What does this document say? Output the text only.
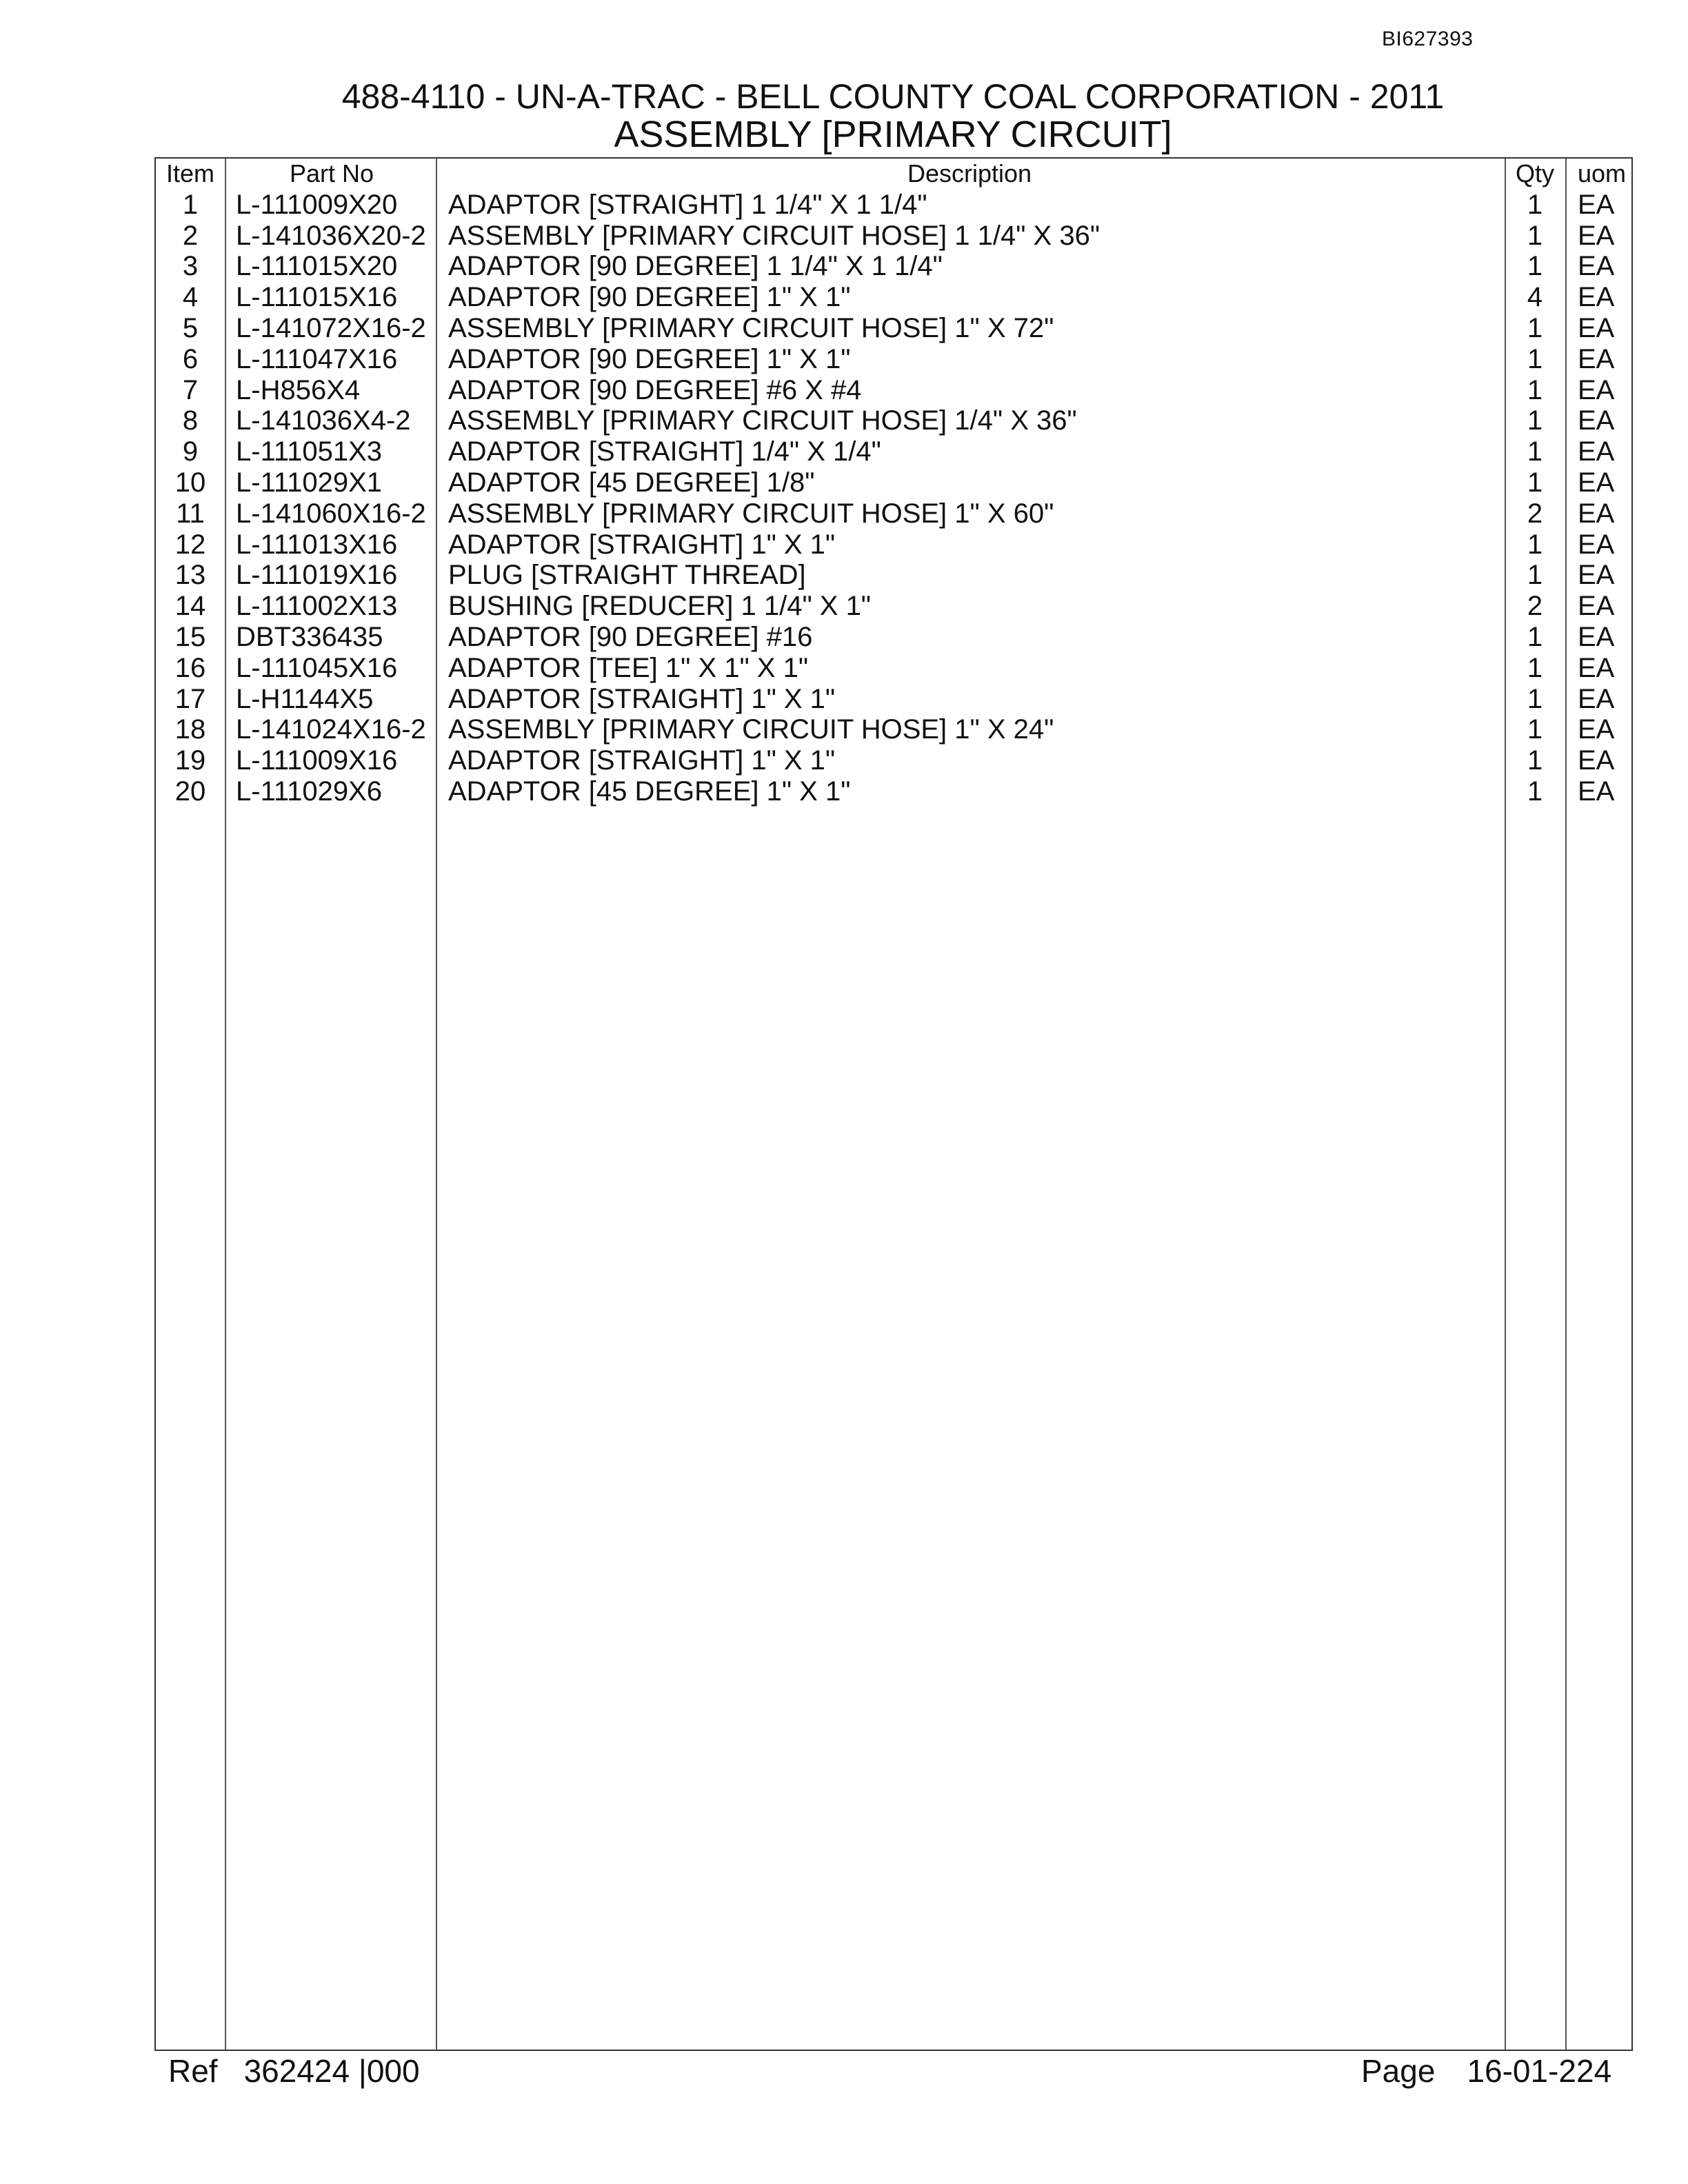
BI627393
488-4110 - UN-A-TRAC - BELL COUNTY COAL CORPORATION - 2011
ASSEMBLY [PRIMARY CIRCUIT]
Item
1
2
3
4
5
6
7
8
9
10
11
12
13
14
15
16
17
18
19
20
Part No
L-111009X20
L-141036X20-2
L-111015X20
L-111015X16
L-141072X16-2
L-111047X16
L-H856X4
L-141036X4-2
L-111051X3
L-111029X1
L-141060X16-2
L-111013X16
L-111019X16
L-111002X13
DBT336435
L-111045X16
L-H1144X5
L-141024X16-2
L-111009X16
L-111029X6
Description
ADAPTOR [STRAIGHT] 1 1/4" X 1 1/4"
ASSEMBLY [PRIMARY CIRCUIT HOSE] 1 1/4" X 36"
ADAPTOR [90 DEGREE] 1 1/4" X 1 1/4"
ADAPTOR [90 DEGREE] 1" X 1"
ASSEMBLY [PRIMARY CIRCUIT HOSE] 1" X 72"
ADAPTOR [90 DEGREE] 1" X 1"
ADAPTOR [90 DEGREE] #6 X #4
ASSEMBLY [PRIMARY CIRCUIT HOSE] 1/4" X 36"
ADAPTOR [STRAIGHT] 1/4" X 1/4"
ADAPTOR [45 DEGREE] 1/8"
ASSEMBLY [PRIMARY CIRCUIT HOSE] 1" X 60"
ADAPTOR [STRAIGHT] 1" X 1"
PLUG [STRAIGHT THREAD]
BUSHING [REDUCER] 1 1/4" X 1"
ADAPTOR [90 DEGREE] #16
ADAPTOR [TEE] 1" X 1" X 1"
ADAPTOR [STRAIGHT] 1" X 1"
ASSEMBLY [PRIMARY CIRCUIT HOSE] 1" X 24"
ADAPTOR [STRAIGHT] 1" X 1"
ADAPTOR [45 DEGREE] 1" X 1"
Qty
1
1
1
4
1
1
1
1
1
1
2
1
1
2
1
1
1
1
1
1
uom
EA
EA
EA
EA
EA
EA
EA
EA
EA
EA
EA
EA
EA
EA
EA
EA
EA
EA
EA
EA
Ref 362424 |000	Page 16-01-224
